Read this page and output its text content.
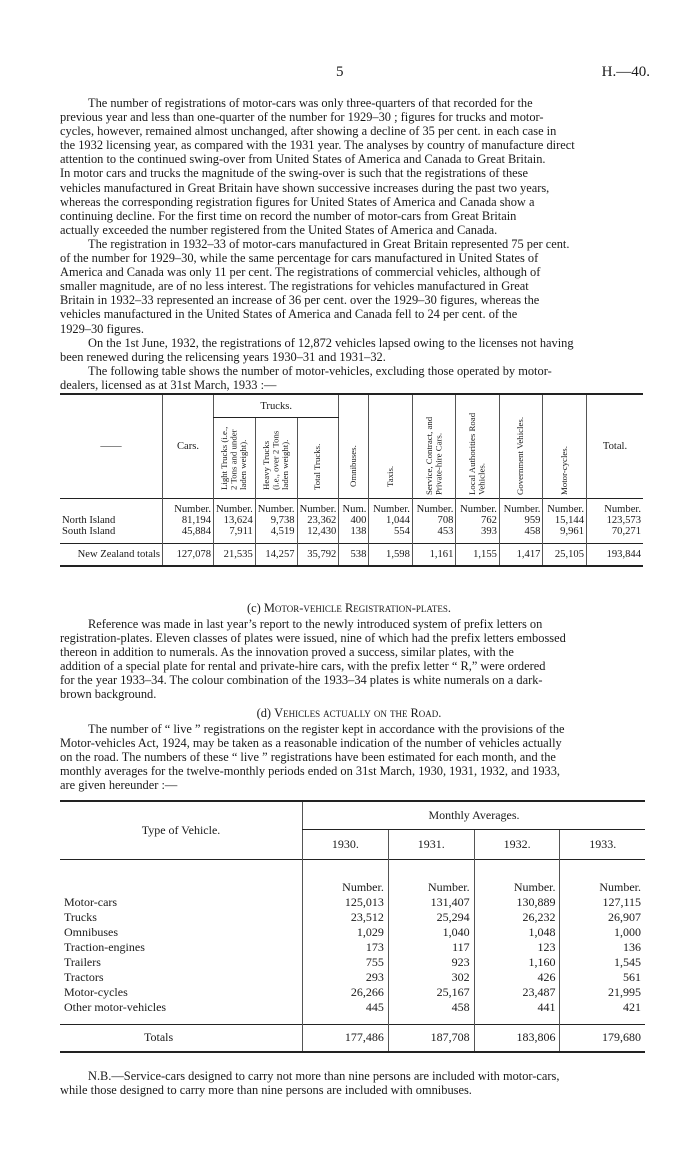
5	H.—40.
The number of registrations of motor-cars was only three-quarters of that recorded for the
previous year and less than one-quarter of the number for 1929–30 ; figures for trucks and motor-
cycles, however, remained almost unchanged, after showing a decline of 35 per cent. in each case in
the 1932 licensing year, as compared with the 1931 year. The analyses by country of manufacture direct
attention to the continued swing-over from United States of America and Canada to Great Britain.
In motor cars and trucks the magnitude of the swing-over is such that the registrations of these
vehicles manufactured in Great Britain have shown successive increases during the past two years,
whereas the corresponding registration figures for United States of America and Canada show a
continuing decline. For the first time on record the number of motor-cars from Great Britain
actually exceeded the number registered from the United States of America and Canada.
The registration in 1932–33 of motor-cars manufactured in Great Britain represented 75 per cent.
of the number for 1929–30, while the same percentage for cars manufactured in United States of
America and Canada was only 11 per cent. The registrations of commercial vehicles, although of
smaller magnitude, are of no less interest. The registrations for vehicles manufactured in Great
Britain in 1932–33 represented an increase of 36 per cent. over the 1929–30 figures, whereas the
vehicles manufactured in the United States of America and Canada fell to 24 per cent. of the
1929–30 figures.
On the 1st June, 1932, the registrations of 12,872 vehicles lapsed owing to the licenses not having
been renewed during the relicensing years 1930–31 and 1931–32.
The following table shows the number of motor-vehicles, excluding those operated by motor-
dealers, licensed as at 31st March, 1933 :—
——	Cars.	Trucks.			Omnibuses.	Taxis.	Service, Contract, and Private-hire Cars.	Local Authorities Road Vehicles.	Government Vehicles.	Motor-cycles.	Total.
		Light Trucks (i.e., 2 Tons and under laden weight).	Heavy Trucks (i.e., over 2 Tons laden weight).	Total Trucks.							
	Number.	Number.	Number.	Number.	Num.	Number.	Number.	Number.	Number.	Number.	Number.
North Island	81,194	13,624	9,738	23,362	400	1,044	708	762	959	15,144	123,573
South Island	45,884	7,911	4,519	12,430	138	554	453	393	458	9,961	70,271
New Zealand totals	127,078	21,535	14,257	35,792	538	1,598	1,161	1,155	1,417	25,105	193,844
(c) Motor-vehicle Registration-plates.
Reference was made in last year’s report to the newly introduced system of prefix letters on
registration-plates. Eleven classes of plates were issued, nine of which had the prefix letters embossed
thereon in addition to numerals. As the innovation proved a success, similar plates, with the
addition of a special plate for rental and private-hire cars, with the prefix letter “ R,” were ordered
for the year 1933–34. The colour combination of the 1933–34 plates is white numerals on a dark-
brown background.
(d) Vehicles actually on the Road.
The number of “ live ” registrations on the register kept in accordance with the provisions of the
Motor-vehicles Act, 1924, may be taken as a reasonable indication of the number of vehicles actually
on the road. The numbers of these “ live ” registrations have been estimated for each month, and the
monthly averages for the twelve-monthly periods ended on 31st March, 1930, 1931, 1932, and 1933,
are given hereunder :—
Type of Vehicle.	Monthly Averages.			
	1930.	1931.	1932.	1933.
	Number.	Number.	Number.	Number.
Motor-cars	125,013	131,407	130,889	127,115
Trucks	23,512	25,294	26,232	26,907
Omnibuses	1,029	1,040	1,048	1,000
Traction-engines	173	117	123	136
Trailers	755	923	1,160	1,545
Tractors	293	302	426	561
Motor-cycles	26,266	25,167	23,487	21,995
Other motor-vehicles	445	458	441	421
Totals	177,486	187,708	183,806	179,680
N.B.—Service-cars designed to carry not more than nine persons are included with motor-cars,
while those designed to carry more than nine persons are included with omnibuses.
